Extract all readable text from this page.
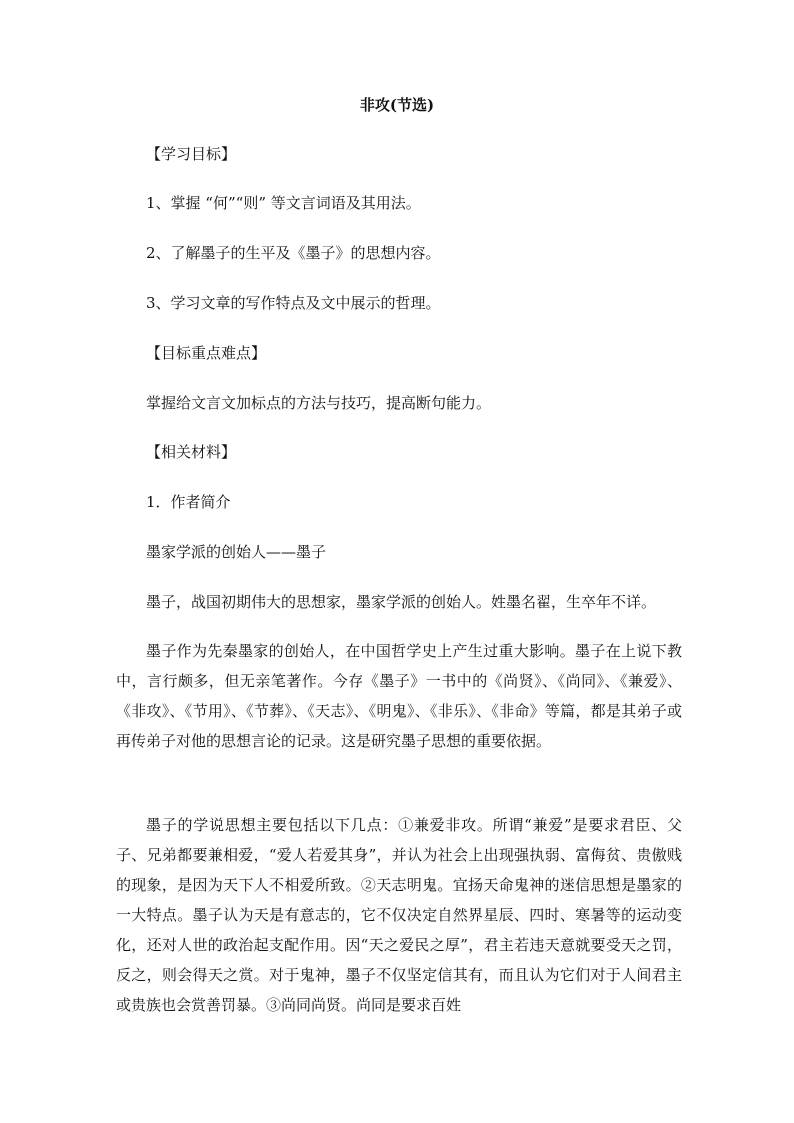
非攻(节选)
【学习目标】
1、掌握 “何”“则” 等文言词语及其用法。
2、了解墨子的生平及《墨子》的思想内容。
3、学习文章的写作特点及文中展示的哲理。
【目标重点难点】
掌握给文言文加标点的方法与技巧，提高断句能力。
【相关材料】
1．作者简介
墨家学派的创始人——墨子
墨子，战国初期伟大的思想家，墨家学派的创始人。姓墨名翟，生卒年不详。
墨子作为先秦墨家的创始人，在中国哲学史上产生过重大影响。墨子在上说下教中，言行颇多，但无亲笔著作。今存《墨子》一书中的《尚贤》、《尚同》、《兼爱》、《非攻》、《节用》、《节葬》、《天志》、《明鬼》、《非乐》、《非命》等篇，都是其弟子或再传弟子对他的思想言论的记录。这是研究墨子思想的重要依据。
墨子的学说思想主要包括以下几点：①兼爱非攻。所谓“兼爱”是要求君臣、父子、兄弟都要兼相爱，“爱人若爱其身”，并认为社会上出现强执弱、富侮贫、贵傲贱的现象，是因为天下人不相爱所致。②天志明鬼。宜扬天命鬼神的迷信思想是墨家的一大特点。墨子认为天是有意志的，它不仅决定自然界星辰、四时、寒暑等的运动变化，还对人世的政治起支配作用。因“天之爱民之厚”，君主若违天意就要受天之罚，反之，则会得天之赏。对于鬼神，墨子不仅坚定信其有，而且认为它们对于人间君主或贵族也会赏善罚暴。③尚同尚贤。尚同是要求百姓
